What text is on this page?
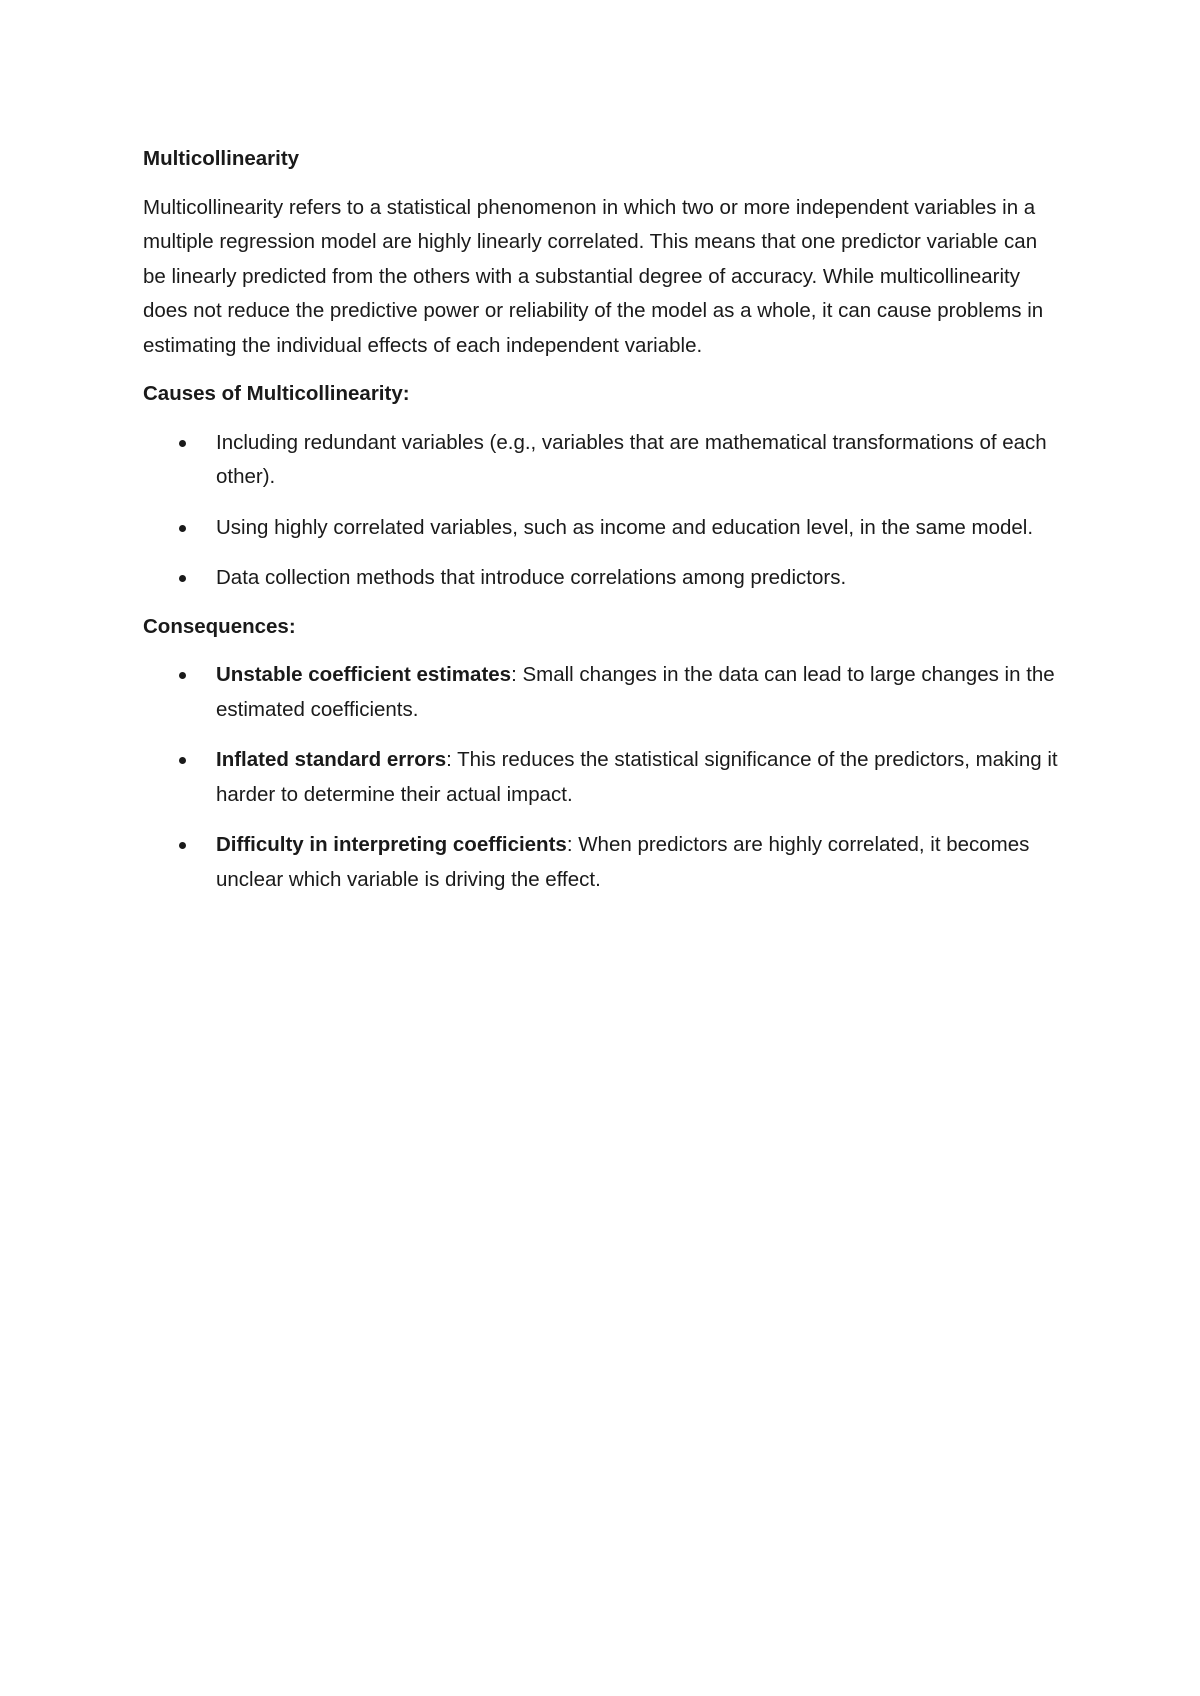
Multicollinearity

Multicollinearity refers to a statistical phenomenon in which two or more independent variables in a multiple regression model are highly linearly correlated. This means that one predictor variable can be linearly predicted from the others with a substantial degree of accuracy. While multicollinearity does not reduce the predictive power or reliability of the model as a whole, it can cause problems in estimating the individual effects of each independent variable.

Causes of Multicollinearity:
Including redundant variables (e.g., variables that are mathematical transformations of each other).
Using highly correlated variables, such as income and education level, in the same model.
Data collection methods that introduce correlations among predictors.
Consequences:
Unstable coefficient estimates: Small changes in the data can lead to large changes in the estimated coefficients.
Inflated standard errors: This reduces the statistical significance of the predictors, making it harder to determine their actual impact.
Difficulty in interpreting coefficients: When predictors are highly correlated, it becomes unclear which variable is driving the effect.
